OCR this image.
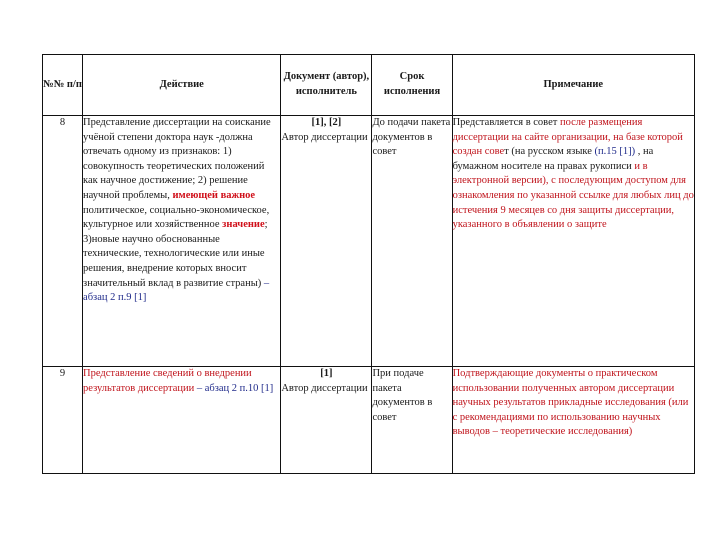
№№ п/п	Действие	Документ (автор), исполнитель	Срок исполнения	Примечание
8	Представление диссертации на соискание учёной степени доктора наук -должна отвечать одному из признаков: 1) совокупность теоретических положений как научное достижение; 2) решение научной проблемы, имеющей важное политическое, социально-экономическое, культурное или хозяйственное значение; 3)новые научно обоснованные технические, технологические или иные решения, внедрение которых вносит значительный вклад в развитие страны) – абзац 2 п.9 [1]	
[1], [2]
Автор диссертации	До подачи пакета документов в совет	Представляется в совет после размещения диссертации на сайте организации, на базе которой создан совет (на русском языке (п.15 [1]) , на бумажном носителе на правах рукописи и в электронной версии), с последующим доступом для ознакомления по указанной ссылке для любых лиц до истечения 9 месяцев со дня защиты диссертации, указанного в объявлении о защите
9	Представление сведений о внедрении результатов диссертации – абзац 2 п.10 [1]	[1]
Автор диссертации	При подаче пакета документов в совет	Подтверждающие документы о практическом использовании полученных автором диссертации научных результатов прикладные исследования (или с рекомендациями по использованию научных выводов – теоретические исследования)
